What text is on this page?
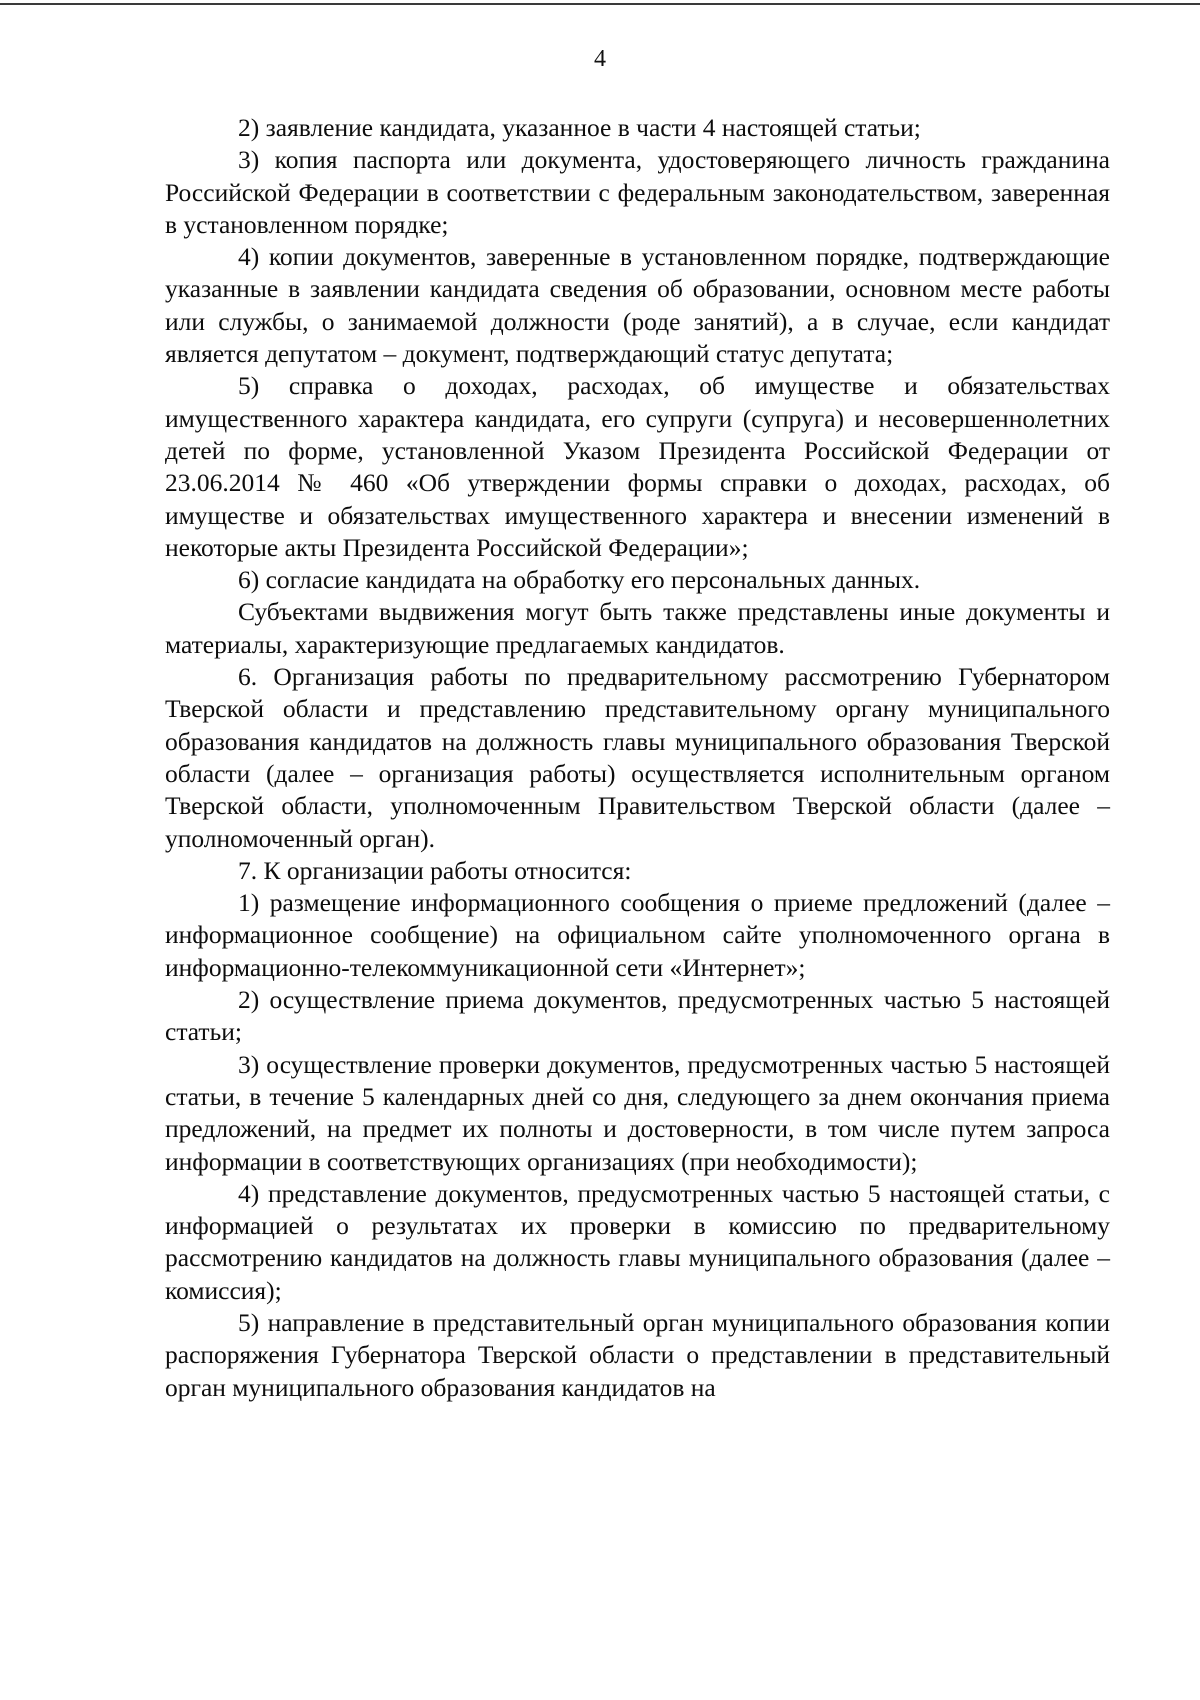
4

2) заявление кандидата, указанное в части 4 настоящей статьи;

3) копия паспорта или документа, удостоверяющего личность гражданина Российской Федерации в соответствии с федеральным законодательством, заверенная в установленном порядке;

4) копии документов, заверенные в установленном порядке, подтверждающие указанные в заявлении кандидата сведения об образовании, основном месте работы или службы, о занимаемой должности (роде занятий), а в случае, если кандидат является депутатом – документ, подтверждающий статус депутата;

5) справка о доходах, расходах, об имуществе и обязательствах имущественного характера кандидата, его супруги (супруга) и несовершеннолетних детей по форме, установленной Указом Президента Российской Федерации от 23.06.2014 № 460 «Об утверждении формы справки о доходах, расходах, об имуществе и обязательствах имущественного характера и внесении изменений в некоторые акты Президента Российской Федерации»;

6) согласие кандидата на обработку его персональных данных.

Субъектами выдвижения могут быть также представлены иные документы и материалы, характеризующие предлагаемых кандидатов.

6. Организация работы по предварительному рассмотрению Губернатором Тверской области и представлению представительному органу муниципального образования кандидатов на должность главы муниципального образования Тверской области (далее – организация работы) осуществляется исполнительным органом Тверской области, уполномоченным Правительством Тверской области (далее – уполномоченный орган).

7. К организации работы относится:

1) размещение информационного сообщения о приеме предложений (далее – информационное сообщение) на официальном сайте уполномоченного органа в информационно-телекоммуникационной сети «Интернет»;

2) осуществление приема документов, предусмотренных частью 5 настоящей статьи;

3) осуществление проверки документов, предусмотренных частью 5 настоящей статьи, в течение 5 календарных дней со дня, следующего за днем окончания приема предложений, на предмет их полноты и достоверности, в том числе путем запроса информации в соответствующих организациях (при необходимости);

4) представление документов, предусмотренных частью 5 настоящей статьи, с информацией о результатах их проверки в комиссию по предварительному рассмотрению кандидатов на должность главы муниципального образования (далее – комиссия);

5) направление в представительный орган муниципального образования копии распоряжения Губернатора Тверской области о представлении в представительный орган муниципального образования кандидатов на
